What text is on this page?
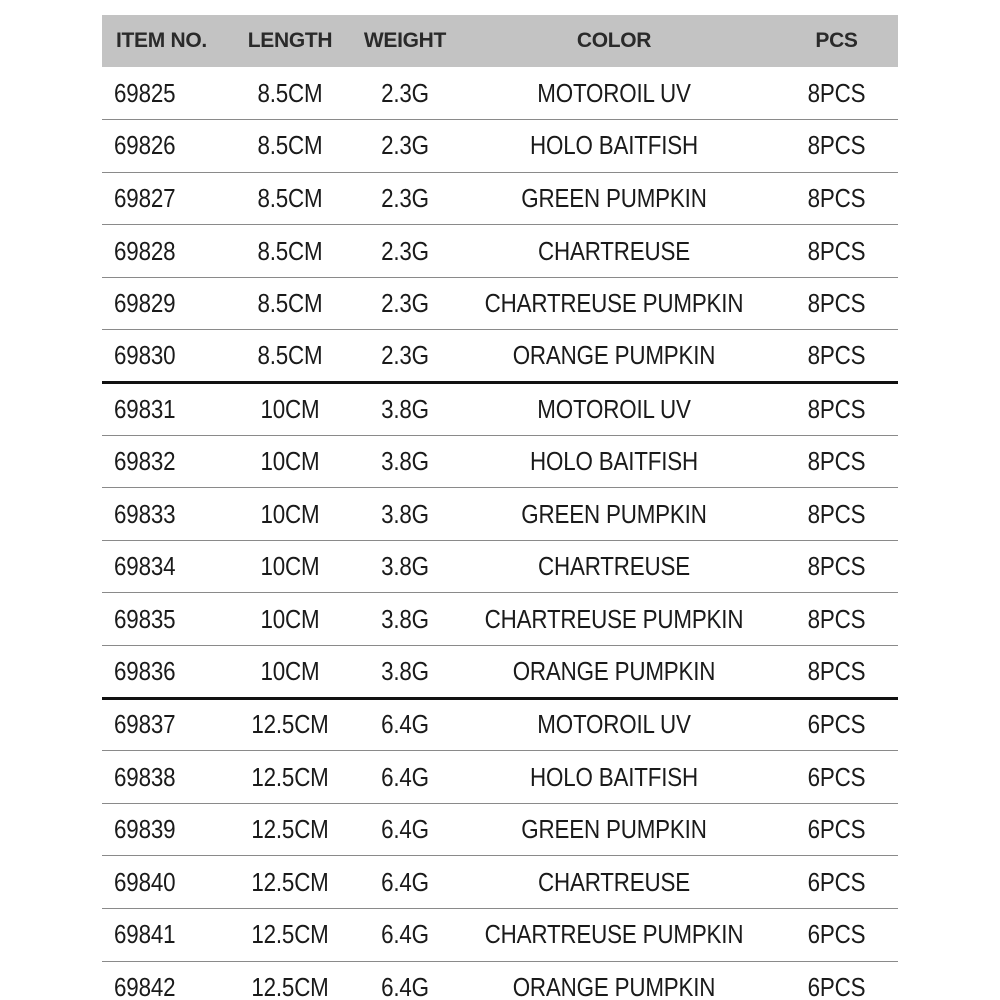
ITEM NO.	LENGTH	WEIGHT	COLOR	PCS
69825	8.5CM	2.3G	MOTOROIL UV	8PCS
69826	8.5CM	2.3G	HOLO BAITFISH	8PCS
69827	8.5CM	2.3G	GREEN PUMPKIN	8PCS
69828	8.5CM	2.3G	CHARTREUSE	8PCS
69829	8.5CM	2.3G	CHARTREUSE PUMPKIN	8PCS
69830	8.5CM	2.3G	ORANGE PUMPKIN	8PCS
69831	10CM	3.8G	MOTOROIL UV	8PCS
69832	10CM	3.8G	HOLO BAITFISH	8PCS
69833	10CM	3.8G	GREEN PUMPKIN	8PCS
69834	10CM	3.8G	CHARTREUSE	8PCS
69835	10CM	3.8G	CHARTREUSE PUMPKIN	8PCS
69836	10CM	3.8G	ORANGE PUMPKIN	8PCS
69837	12.5CM	6.4G	MOTOROIL UV	6PCS
69838	12.5CM	6.4G	HOLO BAITFISH	6PCS
69839	12.5CM	6.4G	GREEN PUMPKIN	6PCS
69840	12.5CM	6.4G	CHARTREUSE	6PCS
69841	12.5CM	6.4G	CHARTREUSE PUMPKIN	6PCS
69842	12.5CM	6.4G	ORANGE PUMPKIN	6PCS
